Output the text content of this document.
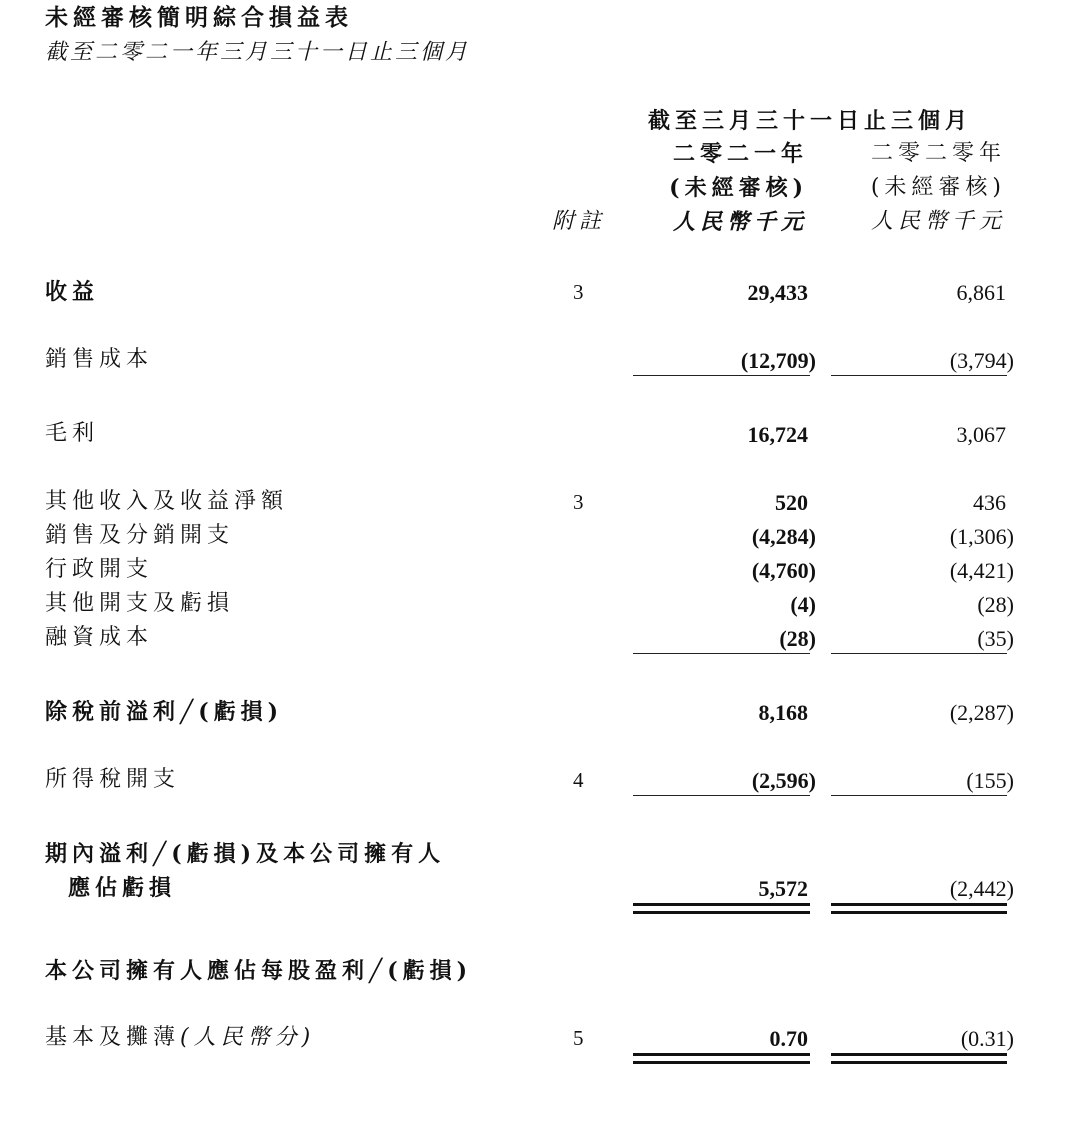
未經審核簡明綜合損益表
截至二零二一年三月三十一日止三個月
截至三月三十一日止三個月
二零二一年	二零二零年
(未經審核)	(未經審核)
附註	人民幣千元	人民幣千元
收益	3	29,433	6,861
銷售成本	(12,709)	(3,794)
毛利	16,724	3,067
其他收入及收益淨額	3	520	436
銷售及分銷開支	(4,284)	(1,306)
行政開支	(4,760)	(4,421)
其他開支及虧損	(4)	(28)
融資成本	(28)	(35)
除稅前溢利╱(虧損)	8,168	(2,287)
所得稅開支	4	(2,596)	(155)
期內溢利╱(虧損)及本公司擁有人
應佔虧損	5,572	(2,442)
本公司擁有人應佔每股盈利╱(虧損)
基本及攤薄(人民幣分)	5	0.70	(0.31)
